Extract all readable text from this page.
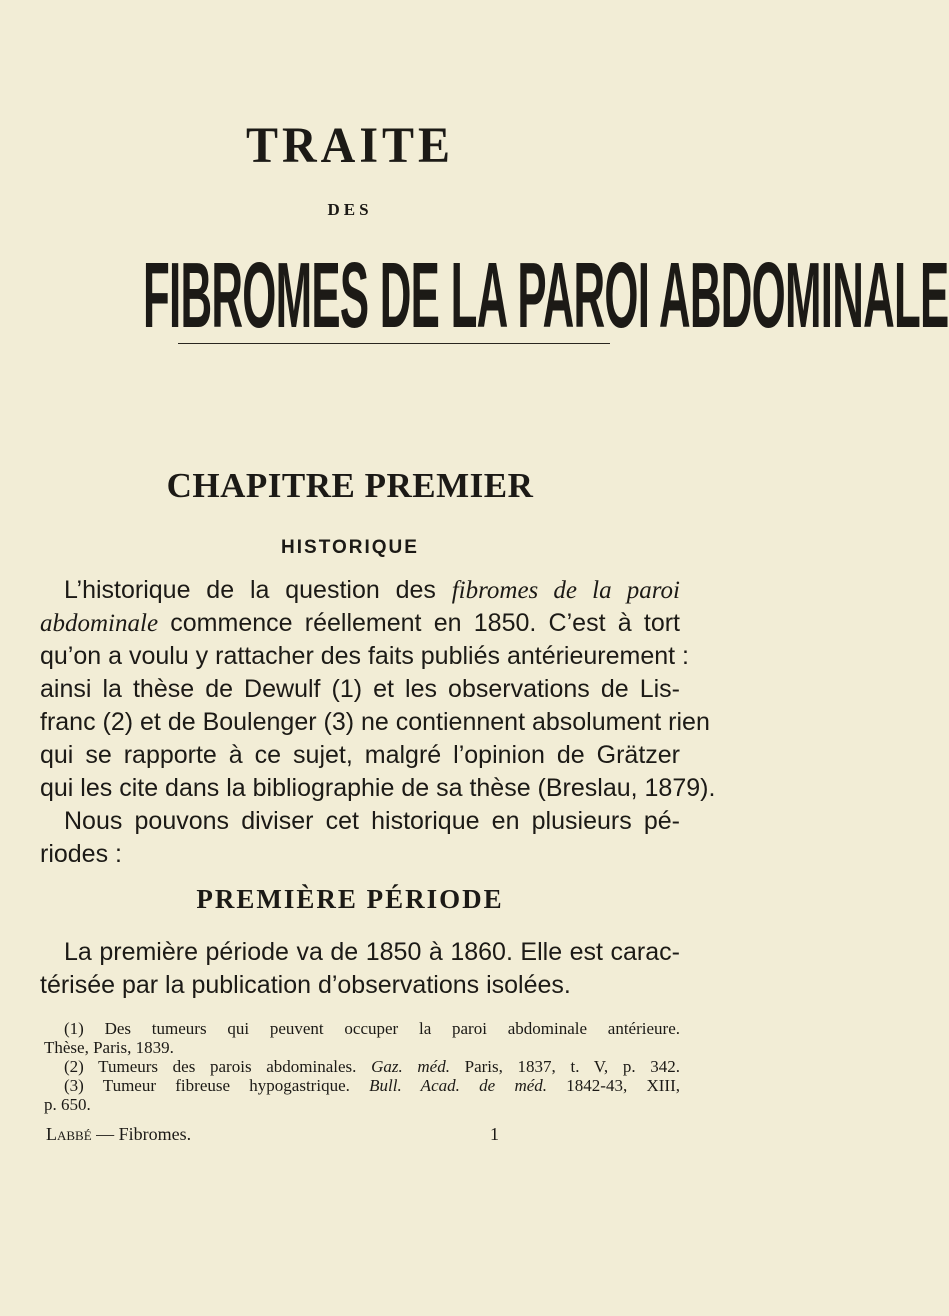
TRAITE
DES
FIBROMES DE LA PAROI ABDOMINALE
CHAPITRE PREMIER
HISTORIQUE
L’historique de la question des fibromes de la paroi
abdominale commence réellement en 1850. C’est à tort
qu’on a voulu y rattacher des faits publiés antérieurement :
ainsi la thèse de Dewulf (1) et les observations de Lis-
franc (2) et de Boulenger (3) ne contiennent absolument rien
qui se rapporte à ce sujet, malgré l’opinion de Grätzer
qui les cite dans la bibliographie de sa thèse (Breslau, 1879).
Nous pouvons diviser cet historique en plusieurs pé-
riodes :
PREMIÈRE PÉRIODE
La première période va de 1850 à 1860. Elle est carac-
térisée par la publication d’observations isolées.
(1) Des tumeurs qui peuvent occuper la paroi abdominale antérieure.
Thèse, Paris, 1839.
(2) Tumeurs des parois abdominales. Gaz. méd. Paris, 1837, t. V, p. 342.
(3) Tumeur fibreuse hypogastrique. Bull. Acad. de méd. 1842-43, XIII,
p. 650.
Labbé — Fibromes.	1
